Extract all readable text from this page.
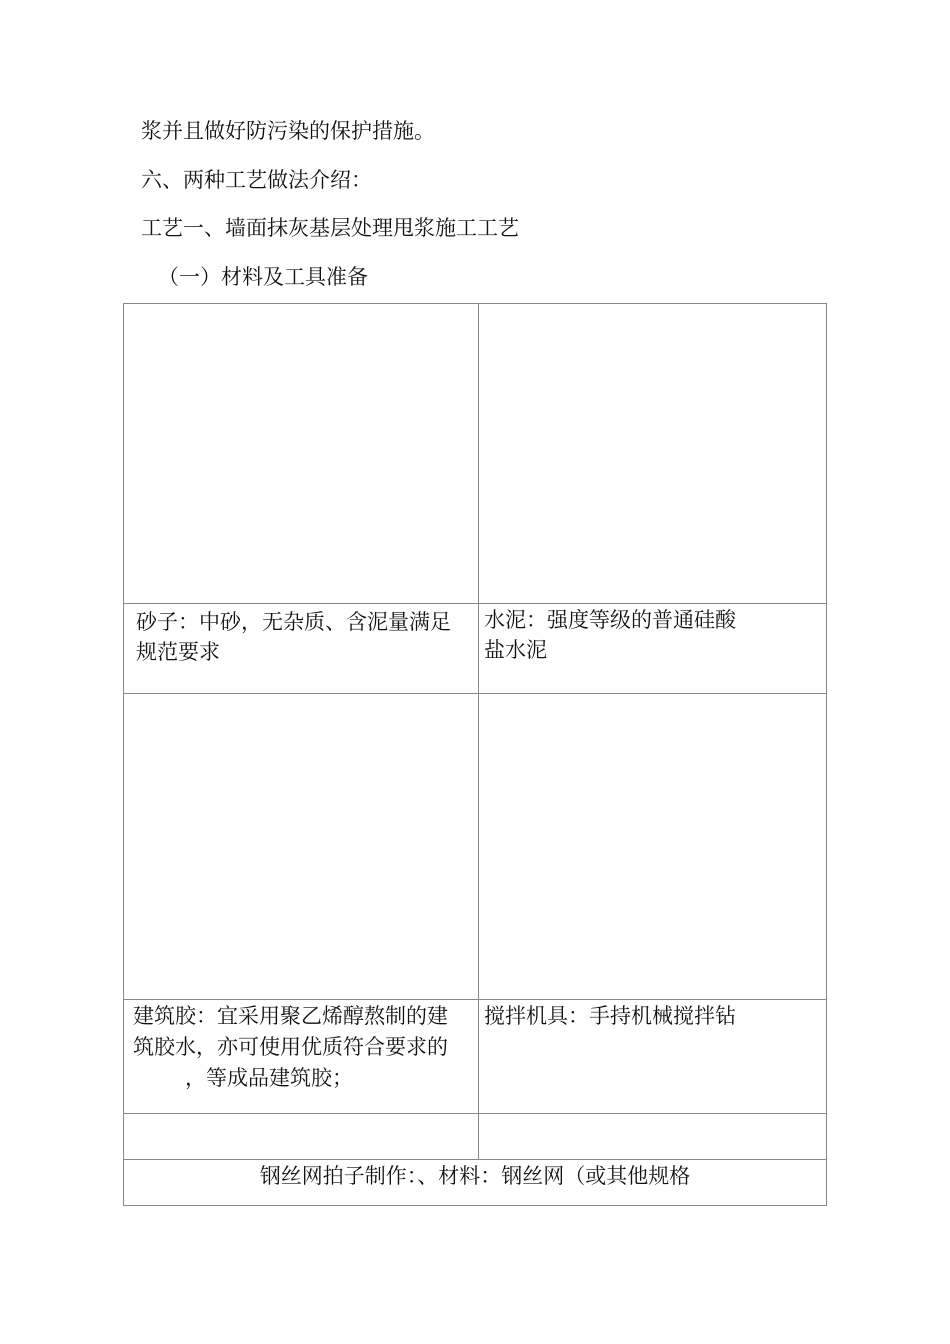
浆并且做好防污染的保护措施。
六、两种工艺做法介绍：
工艺一、墙面抹灰基层处理甩浆施工工艺
（一）材料及工具准备
砂子：中砂，无杂质、含泥量满足
规范要求
水泥：强度等级的普通硅酸
盐水泥
建筑胶：宜采用聚乙烯醇熬制的建
筑胶水，亦可使用优质符合要求的
，等成品建筑胶；
搅拌机具：手持机械搅拌钻
钢丝网拍子制作：、材料：钢丝网（或其他规格
